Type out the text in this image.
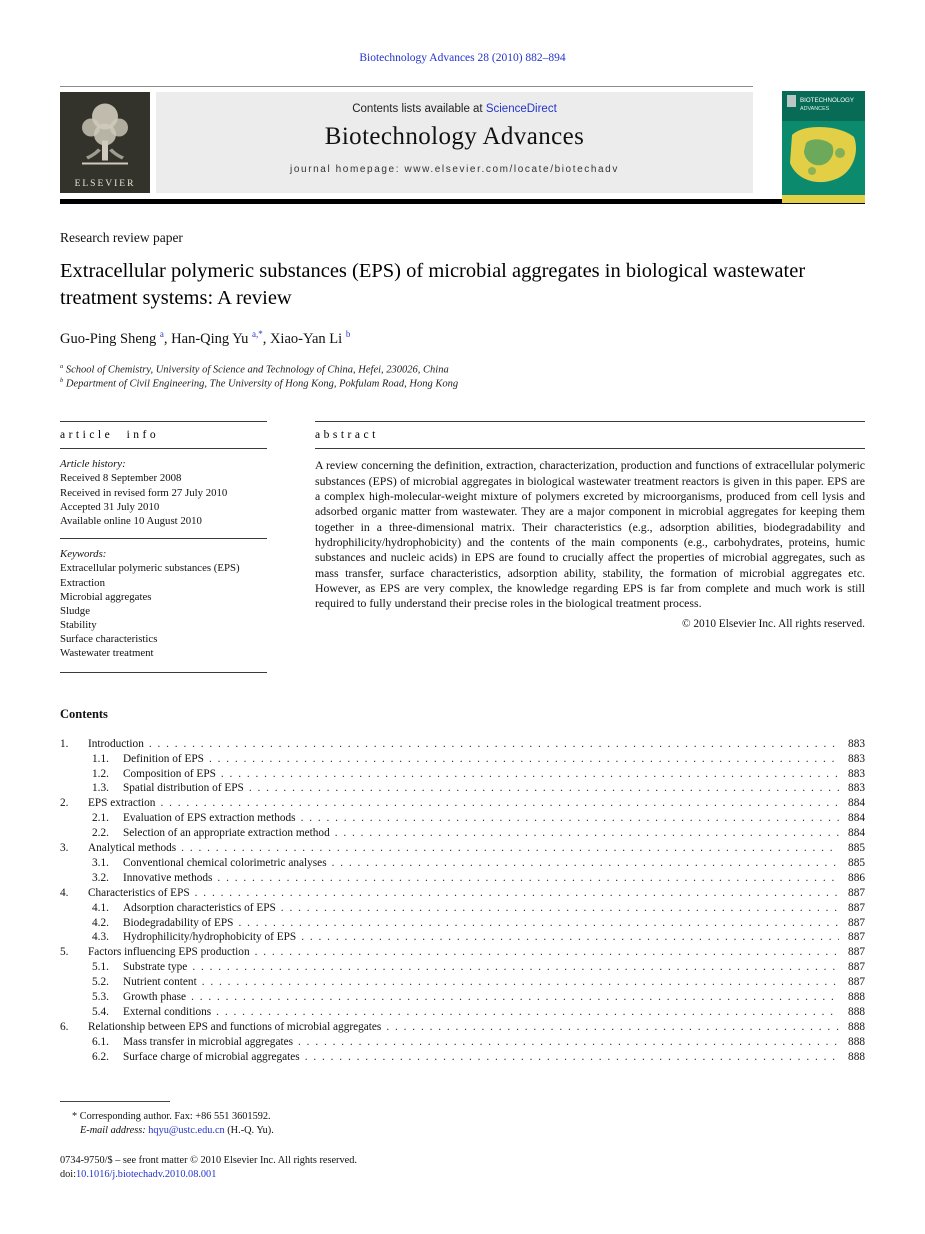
Biotechnology Advances 28 (2010) 882–894
ELSEVIER
Contents lists available at ScienceDirect
Biotechnology Advances
journal homepage: www.elsevier.com/locate/biotechadv
BIOTECHNOLOGY
ADVANCES
Research review paper
Extracellular polymeric substances (EPS) of microbial aggregates in biological wastewater treatment systems: A review
Guo-Ping Sheng $^a$, Han-Qing Yu $^{a,*}$, Xiao-Yan Li $^b$
$^a$ School of Chemistry, University of Science and Technology of China, Hefei, 230026, China
$^b$ Department of Civil Engineering, The University of Hong Kong, Pokfulam Road, Hong Kong
article info
Article history:
Received 8 September 2008
Received in revised form 27 July 2010
Accepted 31 July 2010
Available online 10 August 2010
Keywords:
Extracellular polymeric substances (EPS)
Extraction
Microbial aggregates
Sludge
Stability
Surface characteristics
Wastewater treatment
abstract
A review concerning the definition, extraction, characterization, production and functions of extracellular polymeric substances (EPS) of microbial aggregates in biological wastewater treatment reactors is given in this paper. EPS are a complex high-molecular-weight mixture of polymers excreted by microorganisms, produced from cell lysis and adsorbed organic matter from wastewater. They are a major component in microbial aggregates for keeping them together in a three-dimensional matrix. Their characteristics (e.g., adsorption abilities, biodegradability and hydrophilicity/hydrophobicity) and the contents of the main components (e.g., carbohydrates, proteins, humic substances and nucleic acids) in EPS are found to crucially affect the properties of microbial aggregates, such as mass transfer, surface characteristics, adsorption ability, stability, the formation of microbial aggregates etc. However, as EPS are very complex, the knowledge regarding EPS is far from complete and much work is still required to fully understand their precise roles in the biological treatment process.
© 2010 Elsevier Inc. All rights reserved.
Contents
1.	Introduction . . .	883
1.1.	Definition of EPS . . .	883
1.2.	Composition of EPS . . .	883
1.3.	Spatial distribution of EPS . . .	883
2.	EPS extraction . . .	884
2.1.	Evaluation of EPS extraction methods . . .	884
2.2.	Selection of an appropriate extraction method . . .	884
3.	Analytical methods . . .	885
3.1.	Conventional chemical colorimetric analyses . . .	885
3.2.	Innovative methods . . .	886
4.	Characteristics of EPS . . .	887
4.1.	Adsorption characteristics of EPS . . .	887
4.2.	Biodegradability of EPS . . .	887
4.3.	Hydrophilicity/hydrophobicity of EPS . . .	887
5.	Factors influencing EPS production . . .	887
5.1.	Substrate type . . .	887
5.2.	Nutrient content . . .	887
5.3.	Growth phase . . .	888
5.4.	External conditions . . .	888
6.	Relationship between EPS and functions of microbial aggregates . . .	888
6.1.	Mass transfer in microbial aggregates . . .	888
6.2.	Surface charge of microbial aggregates . . .	888
* Corresponding author. Fax: +86 551 3601592.
E-mail address: hqyu@ustc.edu.cn (H.-Q. Yu).
0734-9750/$ – see front matter © 2010 Elsevier Inc. All rights reserved.
doi:10.1016/j.biotechadv.2010.08.001
